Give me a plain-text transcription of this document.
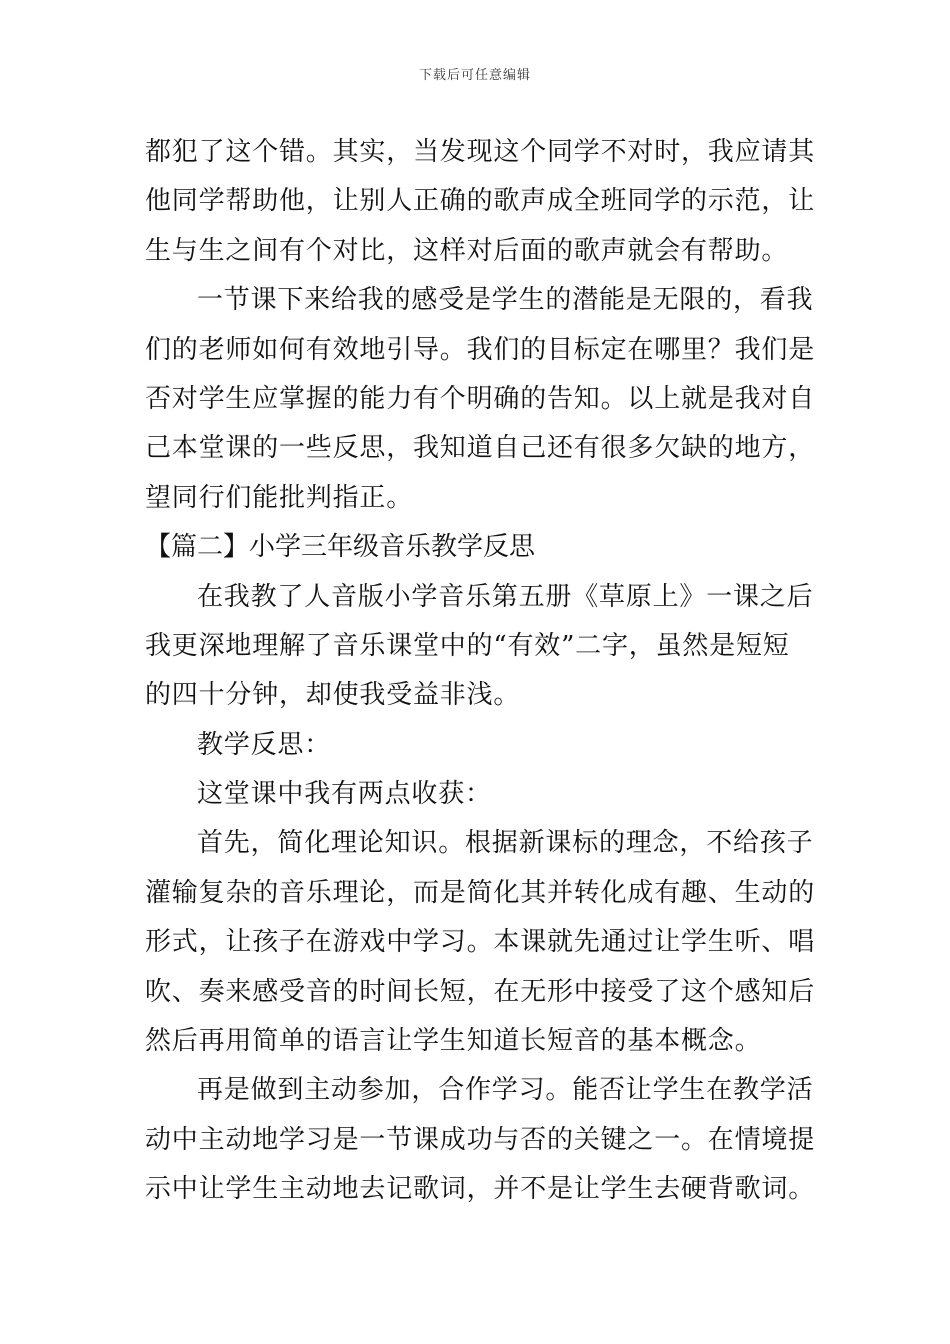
下载后可任意编辑
都犯了这个错。其实，当发现这个同学不对时，我应请其
他同学帮助他，让别人正确的歌声成全班同学的示范，让
生与生之间有个对比，这样对后面的歌声就会有帮助。
一节课下来给我的感受是学生的潜能是无限的，看我
们的老师如何有效地引导。我们的目标定在哪里？我们是
否对学生应掌握的能力有个明确的告知。以上就是我对自
己本堂课的一些反思，我知道自己还有很多欠缺的地方，
望同行们能批判指正。
【篇二】小学三年级音乐教学反思
在我教了人音版小学音乐第五册《草原上》一课之后
我更深地理解了音乐课堂中的“有效”二字，虽然是短短
的四十分钟，却使我受益非浅。
教学反思：
这堂课中我有两点收获：
首先，简化理论知识。根据新课标的理念，不给孩子
灌输复杂的音乐理论，而是简化其并转化成有趣、生动的
形式，让孩子在游戏中学习。本课就先通过让学生听、唱
吹、奏来感受音的时间长短，在无形中接受了这个感知后
然后再用简单的语言让学生知道长短音的基本概念。
再是做到主动参加，合作学习。能否让学生在教学活
动中主动地学习是一节课成功与否的关键之一。在情境提
示中让学生主动地去记歌词，并不是让学生去硬背歌词。
